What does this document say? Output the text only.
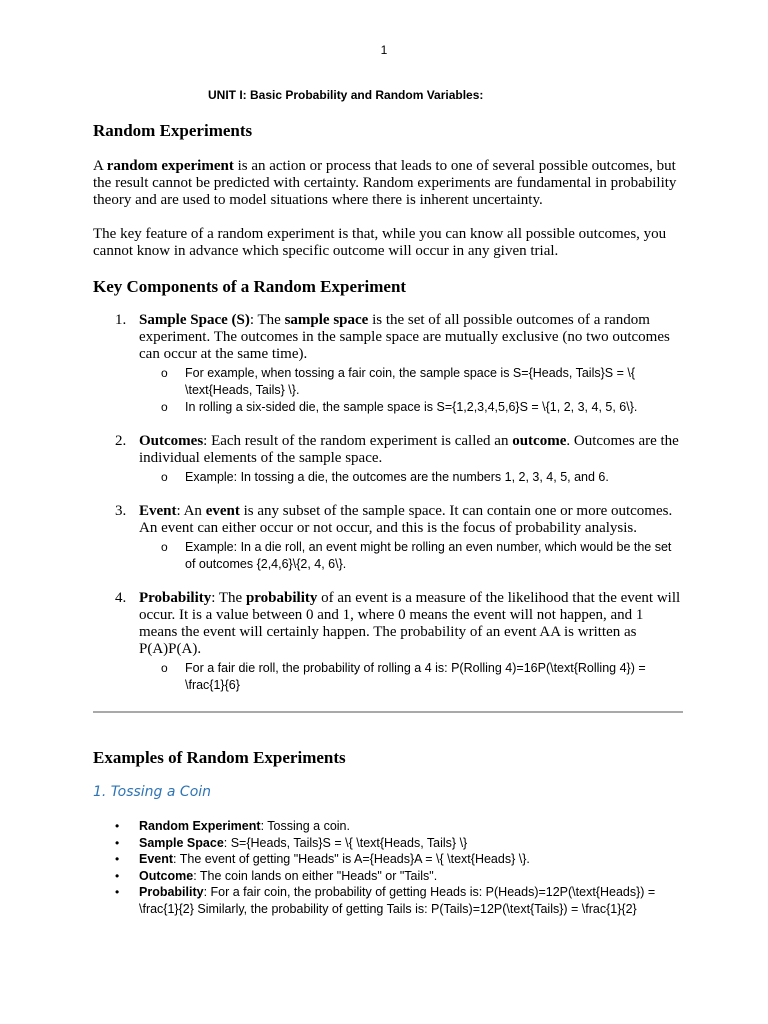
1
UNIT I: Basic Probability and Random Variables:
Random Experiments

A random experiment is an action or process that leads to one of several possible outcomes, but the result cannot be predicted with certainty. Random experiments are fundamental in probability theory and are used to model situations where there is inherent uncertainty.

The key feature of a random experiment is that, while you can know all possible outcomes, you cannot know in advance which specific outcome will occur in any given trial.

Key Components of a Random Experiment
1. Sample Space (S): The sample space is the set of all possible outcomes of a random experiment. The outcomes in the sample space are mutually exclusive (no two outcomes can occur at the same time).
o For example, when tossing a fair coin, the sample space is S={Heads, Tails}S = \{ \text{Heads, Tails} \}.
o In rolling a six-sided die, the sample space is S={1,2,3,4,5,6}S = \{1, 2, 3, 4, 5, 6\}.
2. Outcomes: Each result of the random experiment is called an outcome. Outcomes are the individual elements of the sample space.
o Example: In tossing a die, the outcomes are the numbers 1, 2, 3, 4, 5, and 6.
3. Event: An event is any subset of the sample space. It can contain one or more outcomes. An event can either occur or not occur, and this is the focus of probability analysis.
o Example: In a die roll, an event might be rolling an even number, which would be the set of outcomes {2,4,6}\{2, 4, 6\}.
4. Probability: The probability of an event is a measure of the likelihood that the event will occur. It is a value between 0 and 1, where 0 means the event will not happen, and 1 means the event will certainly happen. The probability of an event AA is written as P(A)P(A).
o For a fair die roll, the probability of rolling a 4 is: P(Rolling 4)=16P(\text{Rolling 4}) = \frac{1}{6}
Examples of Random Experiments
1. Tossing a Coin
• Random Experiment: Tossing a coin.
• Sample Space: S={Heads, Tails}S = \{ \text{Heads, Tails} \}
• Event: The event of getting "Heads" is A={Heads}A = \{ \text{Heads} \}.
• Outcome: The coin lands on either "Heads" or "Tails".
• Probability: For a fair coin, the probability of getting Heads is: P(Heads)=12P(\text{Heads}) = \frac{1}{2} Similarly, the probability of getting Tails is: P(Tails)=12P(\text{Tails}) = \frac{1}{2}
